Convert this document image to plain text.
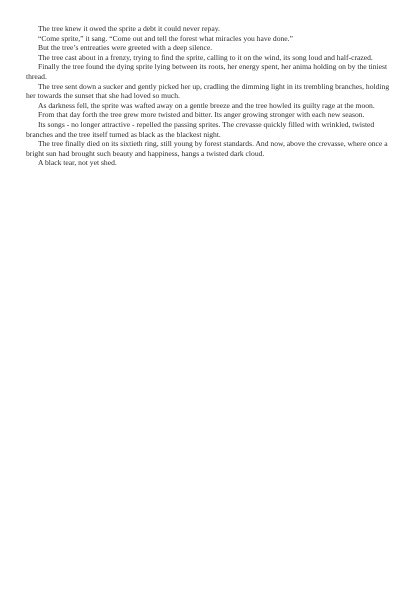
The tree knew it owed the sprite a debt it could never repay.

“Come sprite,” it sang. “Come out and tell the forest what miracles you have done.”

But the tree’s entreaties were greeted with a deep silence.

The tree cast about in a frenzy, trying to find the sprite, calling to it on the wind, its song loud and half-crazed.

Finally the tree found the dying sprite lying between its roots, her energy spent, her anima holding on by the tiniest thread.

The tree sent down a sucker and gently picked her up, cradling the dimming light in its trembling branches, holding her towards the sunset that she had loved so much.

As darkness fell, the sprite was wafted away on a gentle breeze and the tree howled its guilty rage at the moon.

From that day forth the tree grew more twisted and bitter. Its anger growing stronger with each new season.

Its songs - no longer attractive - repelled the passing sprites. The crevasse quickly filled with wrinkled, twisted branches and the tree itself turned as black as the blackest night.

The tree finally died on its sixtieth ring, still young by forest standards. And now, above the crevasse, where once a bright sun had brought such beauty and happiness, hangs a twisted dark cloud.

A black tear, not yet shed.
